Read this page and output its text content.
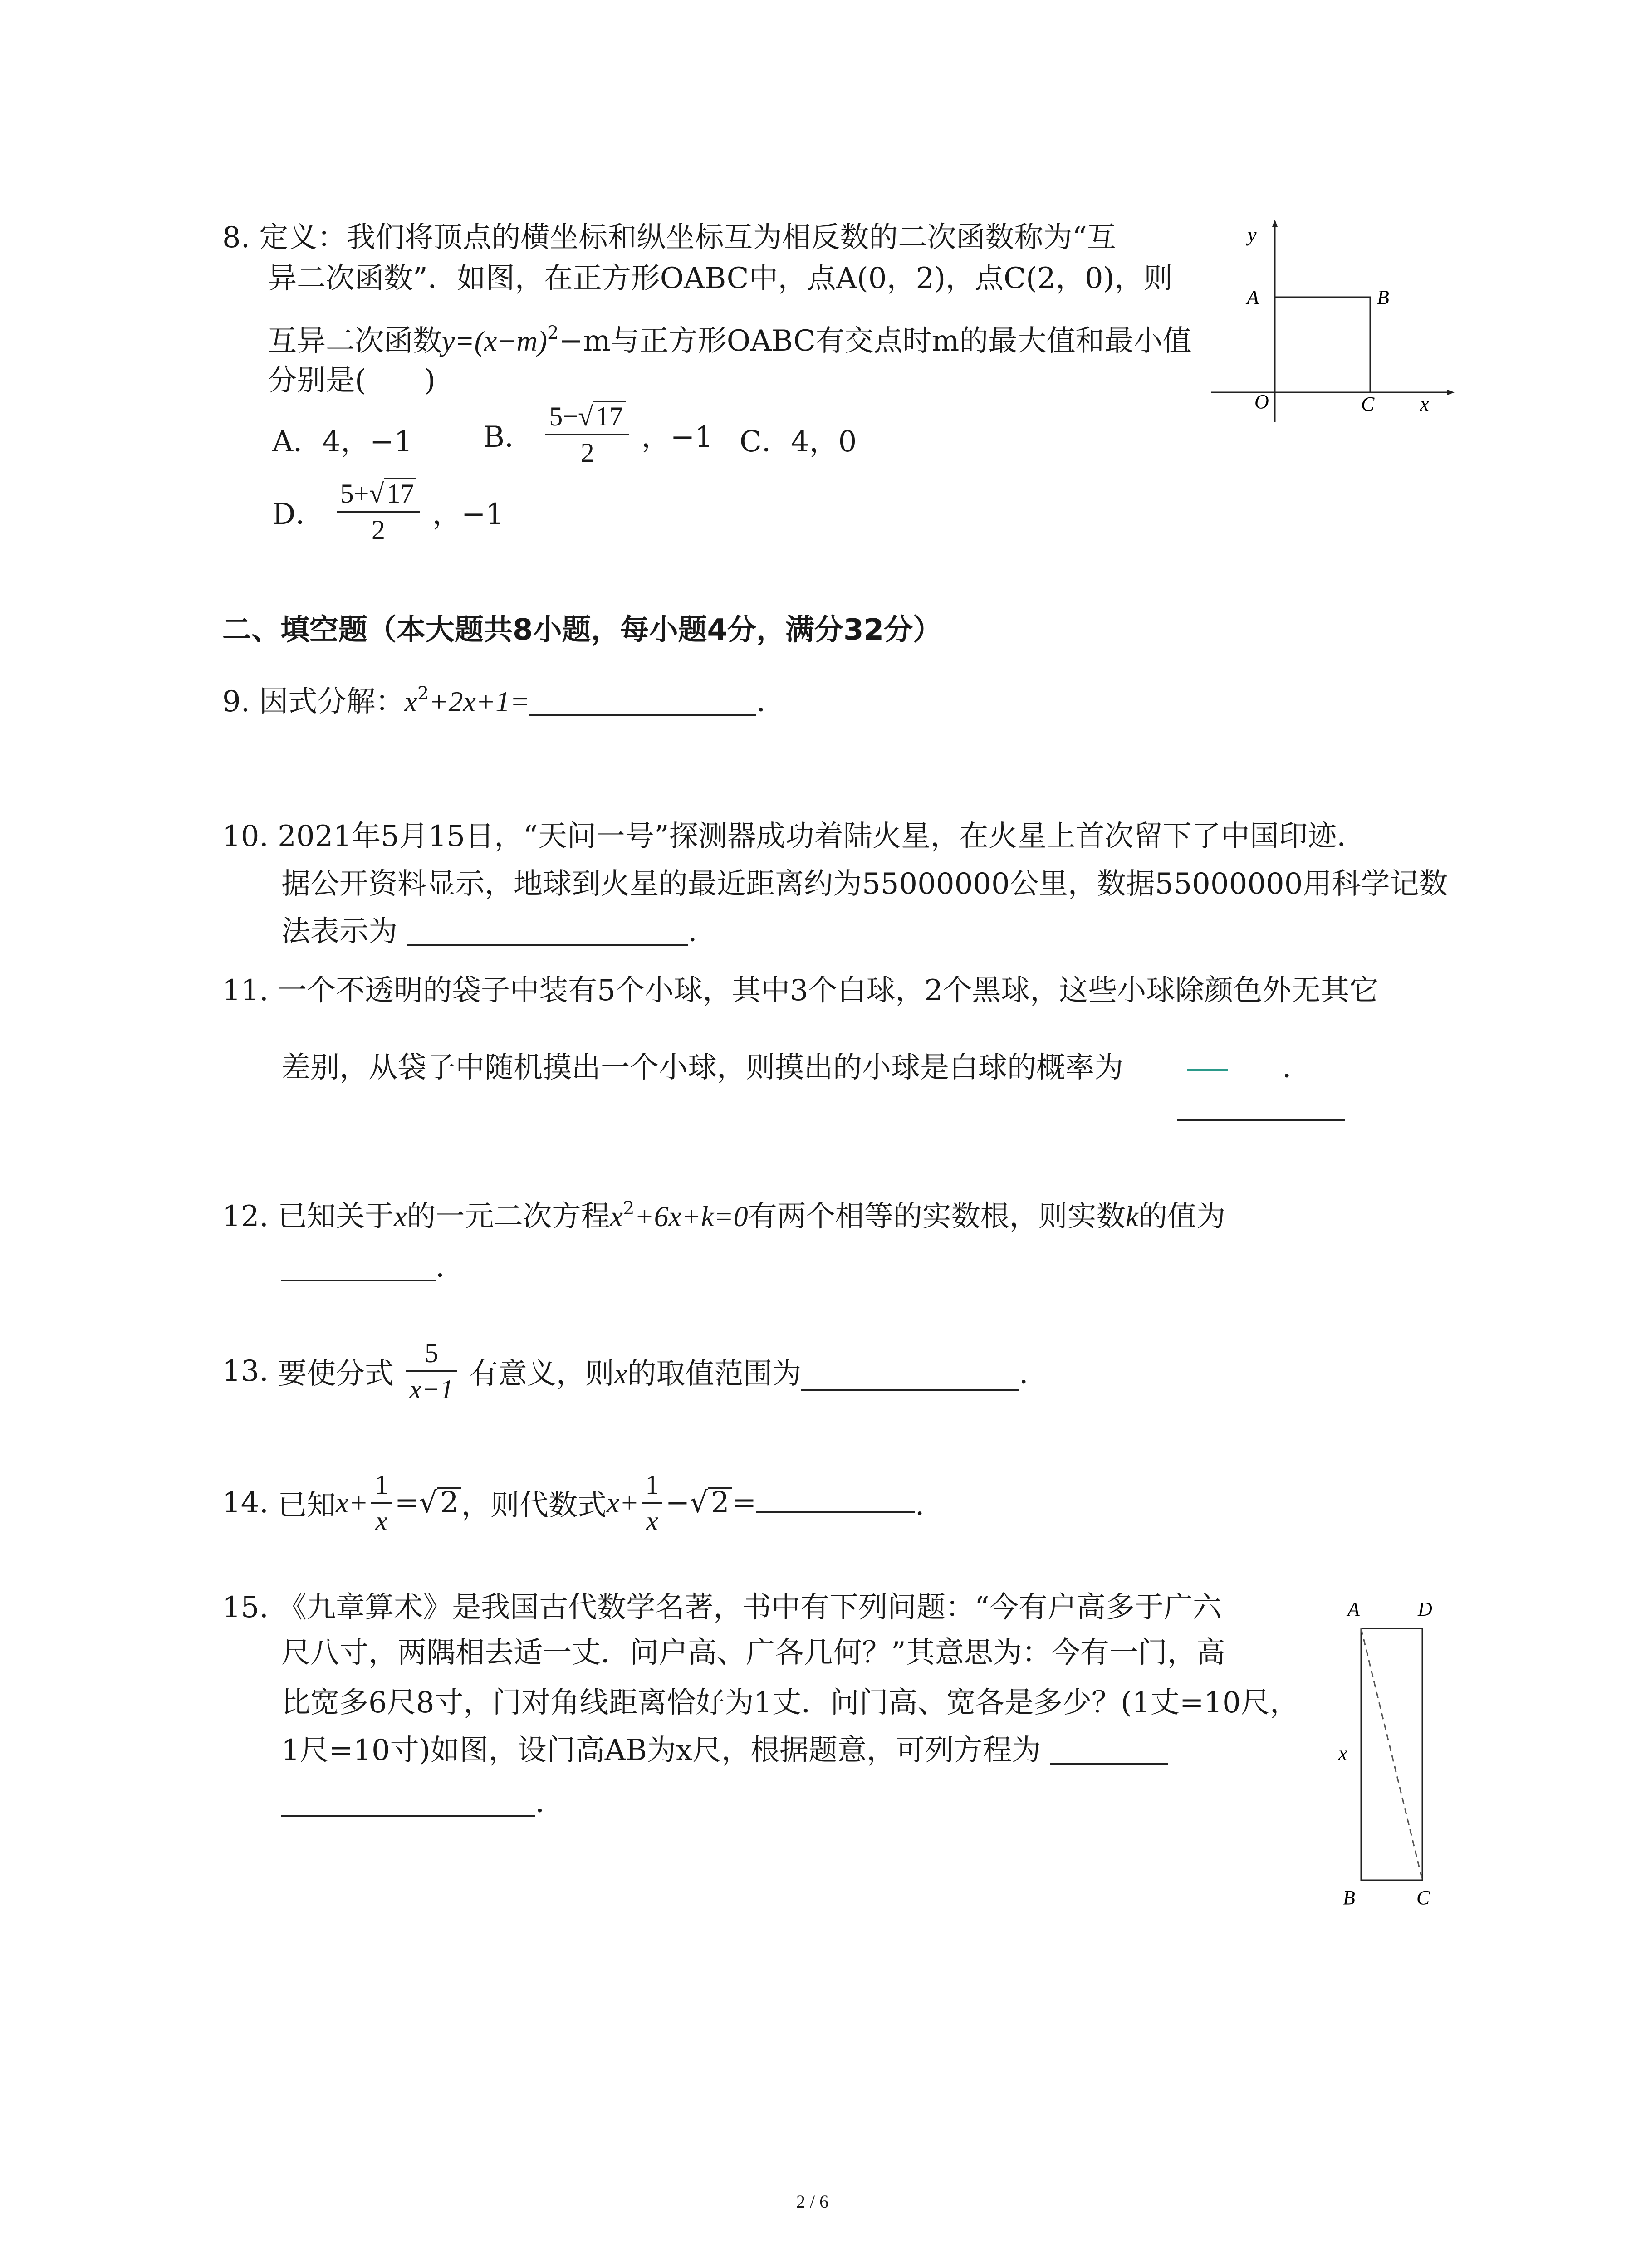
8. 定义：我们将顶点的横坐标和纵坐标互为相反数的二次函数称为“互
异二次函数”．如图，在正方形OABC中，点A(0，2)，点C(2，0)，则
互异二次函数$y=(x-m)^2-m$与正方形OABC有交点时m的最大值和最小值
分别是(　　)
A．4，−1 B． $\frac{5-√ 17}{2}$ ，−1 C．4，0
D． $\frac{5+√ 17}{2}$ ，−1
y
A	B
O	C x
二、填空题（本大题共8小题，每小题4分，满分32分）
9. 因式分解：$x^2+2x+1=$	．
10. 2021年5月15日，“天问一号”探测器成功着陆火星，在火星上首次留下了中国印迹．
据公开资料显示，地球到火星的最近距离约为55000000公里，数据55000000用科学记数
法表示为	．
11. 一个不透明的袋子中装有5个小球，其中3个白球，2个黑球，这些小球除颜色外无其它
差别，从袋子中随机摸出一个小球，则摸出的小球是白球的概率为	．
12. 已知关于x的一元二次方程$x^2+6x+k=0$有两个相等的实数根，则实数k的值为
．
13. 要使分式 $\frac{5}{x-1}$ 有意义，则x的取值范围为	．
14. 已知$x+ \frac{1}{x} =√2$，则代数式$x+ \frac{1}{x} -√2=$	．
15. 《九章算术》是我国古代数学名著，书中有下列问题：“今有户高多于广六
尺八寸，两隅相去适一丈．问户高、广各几何？”其意思为：今有一门，高
比宽多6尺8寸，门对角线距离恰好为1丈．问门高、宽各是多少？(1丈=10尺，
1尺=10寸)如图，设门高AB为x尺，根据题意，可列方程为
．
A	D
x
B	C
2 / 6
